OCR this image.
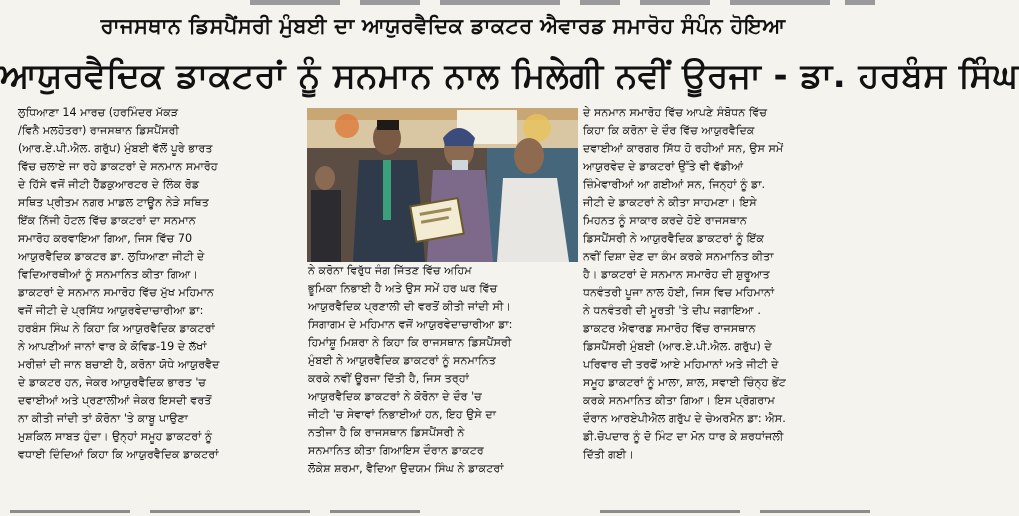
ਰਾਜਸਥਾਨ ਡਿਸਪੈਂਸਰੀ ਮੁੰਬਈ ਦਾ ਆਯੁਰਵੈਦਿਕ ਡਾਕਟਰ ਐਵਾਰਡ ਸਮਾਰੋਹ ਸੰਪੰਨ ਹੋਇਆ
ਆਯੁਰਵੈਦਿਕ ਡਾਕਟਰਾਂ ਨੂੰ ਸਨਮਾਨ ਨਾਲ ਮਿਲੇਗੀ ਨਵੀਂ ਊਰਜਾ - ਡਾ. ਹਰਬੰਸ ਸਿੰਘ
ਲੁਧਿਆਣਾ 14 ਮਾਰਚ (ਹਰਮਿੰਦਰ ਮੱਕੜ
/ਵਿਨੈ ਮਲਹੋਤਰਾ) ਰਾਜਸਥਾਨ ਡਿਸਪੈਂਸਰੀ
(ਆਰ.ਏ.ਪੀ.ਐਲ. ਗਰੁੱਪ) ਮੁੰਬਈ ਵੱਲੋਂ ਪੂਰੇ ਭਾਰਤ
ਵਿੱਚ ਚਲਾਏ ਜਾ ਰਹੇ ਡਾਕਟਰਾਂ ਦੇ ਸਨਮਾਨ ਸਮਾਰੋਹ
ਦੇ ਹਿੱਸੇ ਵਜੋਂ ਜੀਟੀ ਹੈੱਡਕੁਆਰਟਰ ਦੇ ਲਿੰਕ ਰੋਡ
ਸਥਿਤ ਪ੍ਰੀਤਮ ਨਗਰ ਮਾਡਲ ਟਾਊਨ ਨੇੜੇ ਸਥਿਤ
ਇੱਕ ਨਿੱਜੀ ਹੋਟਲ ਵਿੱਚ ਡਾਕਟਰਾਂ ਦਾ ਸਨਮਾਨ
ਸਮਾਰੋਹ ਕਰਵਾਇਆ ਗਿਆ, ਜਿਸ ਵਿੱਚ 70
ਆਯੁਰਵੈਦਿਕ ਡਾਕਟਰ ਡਾ. ਲੁਧਿਆਣਾ ਜੀਟੀ ਦੇ
ਵਿਦਿਆਰਥੀਆਂ ਨੂੰ ਸਨਮਾਨਿਤ ਕੀਤਾ ਗਿਆ।
ਡਾਕਟਰਾਂ ਦੇ ਸਨਮਾਨ ਸਮਾਰੋਹ ਵਿੱਚ ਮੁੱਖ ਮਹਿਮਾਨ
ਵਜੋਂ ਜੀਟੀ ਦੇ ਪ੍ਰਸਿੱਧ ਆਯੁਰਵੇਦਾਚਾਰੀਆ ਡਾ:
ਹਰਬੰਸ ਸਿੰਘ ਨੇ ਕਿਹਾ ਕਿ ਆਯੁਰਵੈਦਿਕ ਡਾਕਟਰਾਂ
ਨੇ ਆਪਣੀਆਂ ਜਾਨਾਂ ਵਾਰ ਕੇ ਕੋਵਿਡ-19 ਦੇ ਲੱਖਾਂ
ਮਰੀਜ਼ਾਂ ਦੀ ਜਾਨ ਬਚਾਈ ਹੈ, ਕਰੋਨਾ ਯੋਧੇ ਆਯੁਰਵੈਦ
ਦੇ ਡਾਕਟਰ ਹਨ, ਜੇਕਰ ਆਯੁਰਵੈਦਿਕ ਭਾਰਤ 'ਚ
ਦਵਾਈਆਂ ਅਤੇ ਪ੍ਰਣਾਲੀਆਂ ਜੇਕਰ ਇਸਦੀ ਵਰਤੋਂ
ਨਾ ਕੀਤੀ ਜਾਂਦੀ ਤਾਂ ਕੋਰੋਨਾ 'ਤੇ ਕਾਬੂ ਪਾਉਣਾ
ਮੁਸ਼ਕਿਲ ਸਾਬਤ ਹੁੰਦਾ। ਉਨ੍ਹਾਂ ਸਮੂਹ ਡਾਕਟਰਾਂ ਨੂੰ
ਵਧਾਈ ਦਿੰਦਿਆਂ ਕਿਹਾ ਕਿ ਆਯੁਰਵੈਦਿਕ ਡਾਕਟਰਾਂ
ਨੇ ਕਰੋਨਾ ਵਿਰੁੱਧ ਜੰਗ ਜਿੱਤਣ ਵਿੱਚ ਅਹਿਮ
ਭੂਮਿਕਾ ਨਿਭਾਈ ਹੈ ਅਤੇ ਉਸ ਸਮੇਂ ਹਰ ਘਰ ਵਿੱਚ
ਆਯੁਰਵੈਦਿਕ ਪ੍ਰਣਾਲੀ ਦੀ ਵਰਤੋਂ ਕੀਤੀ ਜਾਂਦੀ ਸੀ।
ਸਿਗਾਗਮ ਦੇ ਮਹਿਮਾਨ ਵਜੋਂ ਆਯੁਰਵੇਦਾਚਾਰੀਆ ਡਾ:
ਹਿਮਾਂਸ਼ੂ ਮਿਸ਼ਰਾ ਨੇ ਕਿਹਾ ਕਿ ਰਾਜਸਥਾਨ ਡਿਸਪੈਂਸਰੀ
ਮੁੰਬਈ ਨੇ ਆਯੁਰਵੈਦਿਕ ਡਾਕਟਰਾਂ ਨੂੰ ਸਨਮਾਨਿਤ
ਕਰਕੇ ਨਵੀਂ ਊਰਜਾ ਦਿੱਤੀ ਹੈ, ਜਿਸ ਤਰ੍ਹਾਂ
ਆਯੁਰਵੈਦਿਕ ਡਾਕਟਰਾਂ ਨੇ ਕੋਰੋਨਾ ਦੇ ਦੌਰ 'ਚ
ਜੀਟੀ 'ਚ ਸੇਵਾਵਾਂ ਨਿਭਾਈਆਂ ਹਨ, ਇਹ ਉਸੇ ਦਾ
ਨਤੀਜਾ ਹੈ ਕਿ ਰਾਜਸਥਾਨ ਡਿਸਪੈਂਸਰੀ ਨੇ
ਸਨਮਾਨਿਤ ਕੀਤਾ ਗਿਆਇਸ ਦੌਰਾਨ ਡਾਕਟਰ
ਲੋਕੇਸ਼ ਸ਼ਰਮਾ, ਵੈਦਿਆ ਉਦਯਮ ਸਿੰਘ ਨੇ ਡਾਕਟਰਾਂ
ਦੇ ਸਨਮਾਨ ਸਮਾਰੋਹ ਵਿੱਚ ਆਪਣੇ ਸੰਬੋਧਨ ਵਿੱਚ
ਕਿਹਾ ਕਿ ਕਰੋਨਾ ਦੇ ਦੌਰ ਵਿੱਚ ਆਯੁਰਵੈਦਿਕ
ਦਵਾਈਆਂ ਕਾਰਗਰ ਸਿੱਧ ਹੋ ਰਹੀਆਂ ਸਨ, ਉਸ ਸਮੇਂ
ਆਯੁਰਵੇਦ ਦੇ ਡਾਕਟਰਾਂ ਉੱਤੇ ਵੀ ਵੱਡੀਆਂ
ਜ਼ਿੰਮੇਵਾਰੀਆਂ ਆ ਗਈਆਂ ਸਨ, ਜਿਨ੍ਹਾਂ ਨੂੰ ਡਾ.
ਜੀਟੀ ਦੇ ਡਾਕਟਰਾਂ ਨੇ ਕੀਤਾ ਸਾਹਮਣਾ। ਇਸੇ
ਮਿਹਨਤ ਨੂੰ ਸਾਕਾਰ ਕਰਦੇ ਹੋਏ ਰਾਜਸਥਾਨ
ਡਿਸਪੈਂਸਰੀ ਨੇ ਆਯੁਰਵੈਦਿਕ ਡਾਕਟਰਾਂ ਨੂੰ ਇੱਕ
ਨਵੀਂ ਦਿਸ਼ਾ ਦੇਣ ਦਾ ਕੰਮ ਕਰਕੇ ਸਨਮਾਨਿਤ ਕੀਤਾ
ਹੈ। ਡਾਕਟਰਾਂ ਦੇ ਸਨਮਾਨ ਸਮਾਰੋਹ ਦੀ ਸ਼ੁਰੂਆਤ
ਧਨਵੰਤਰੀ ਪੂਜਾ ਨਾਲ ਹੋਈ, ਜਿਸ ਵਿਚ ਮਹਿਮਾਨਾਂ
ਨੇ ਧਨਵੰਤਰੀ ਦੀ ਮੂਰਤੀ 'ਤੇ ਦੀਪ ਜਗਾਇਆ .
ਡਾਕਟਰ ਐਵਾਰਡ ਸਮਾਰੋਹ ਵਿੱਚ ਰਾਜਸਥਾਨ
ਡਿਸਪੈਂਸਰੀ ਮੁੰਬਈ (ਆਰ.ਏ.ਪੀ.ਐਲ. ਗਰੁੱਪ) ਦੇ
ਪਰਿਵਾਰ ਦੀ ਤਰਫੋਂ ਆਏ ਮਹਿਮਾਨਾਂ ਅਤੇ ਜੀਟੀ ਦੇ
ਸਮੂਹ ਡਾਕਟਰਾਂ ਨੂੰ ਮਾਲਾ, ਸ਼ਾਲ, ਸਵਾਈ ਚਿੰਨ੍ਹ ਭੇਂਟ
ਕਰਕੇ ਸਨਮਾਨਿਤ ਕੀਤਾ ਗਿਆ। ਇਸ ਪ੍ਰੋਗਰਾਮ
ਦੌਰਾਨ ਆਰਏਪੀਐਲ ਗਰੁੱਪ ਦੇ ਚੇਅਰਮੈਨ ਡਾ: ਐਸ.
ਡੀ.ਚੋਪਦਾਰ ਨੂੰ ਦੋ ਮਿੰਟ ਦਾ ਮੋਨ ਧਾਰ ਕੇ ਸ਼ਰਧਾਂਜਲੀ
ਦਿੱਤੀ ਗਈ।
